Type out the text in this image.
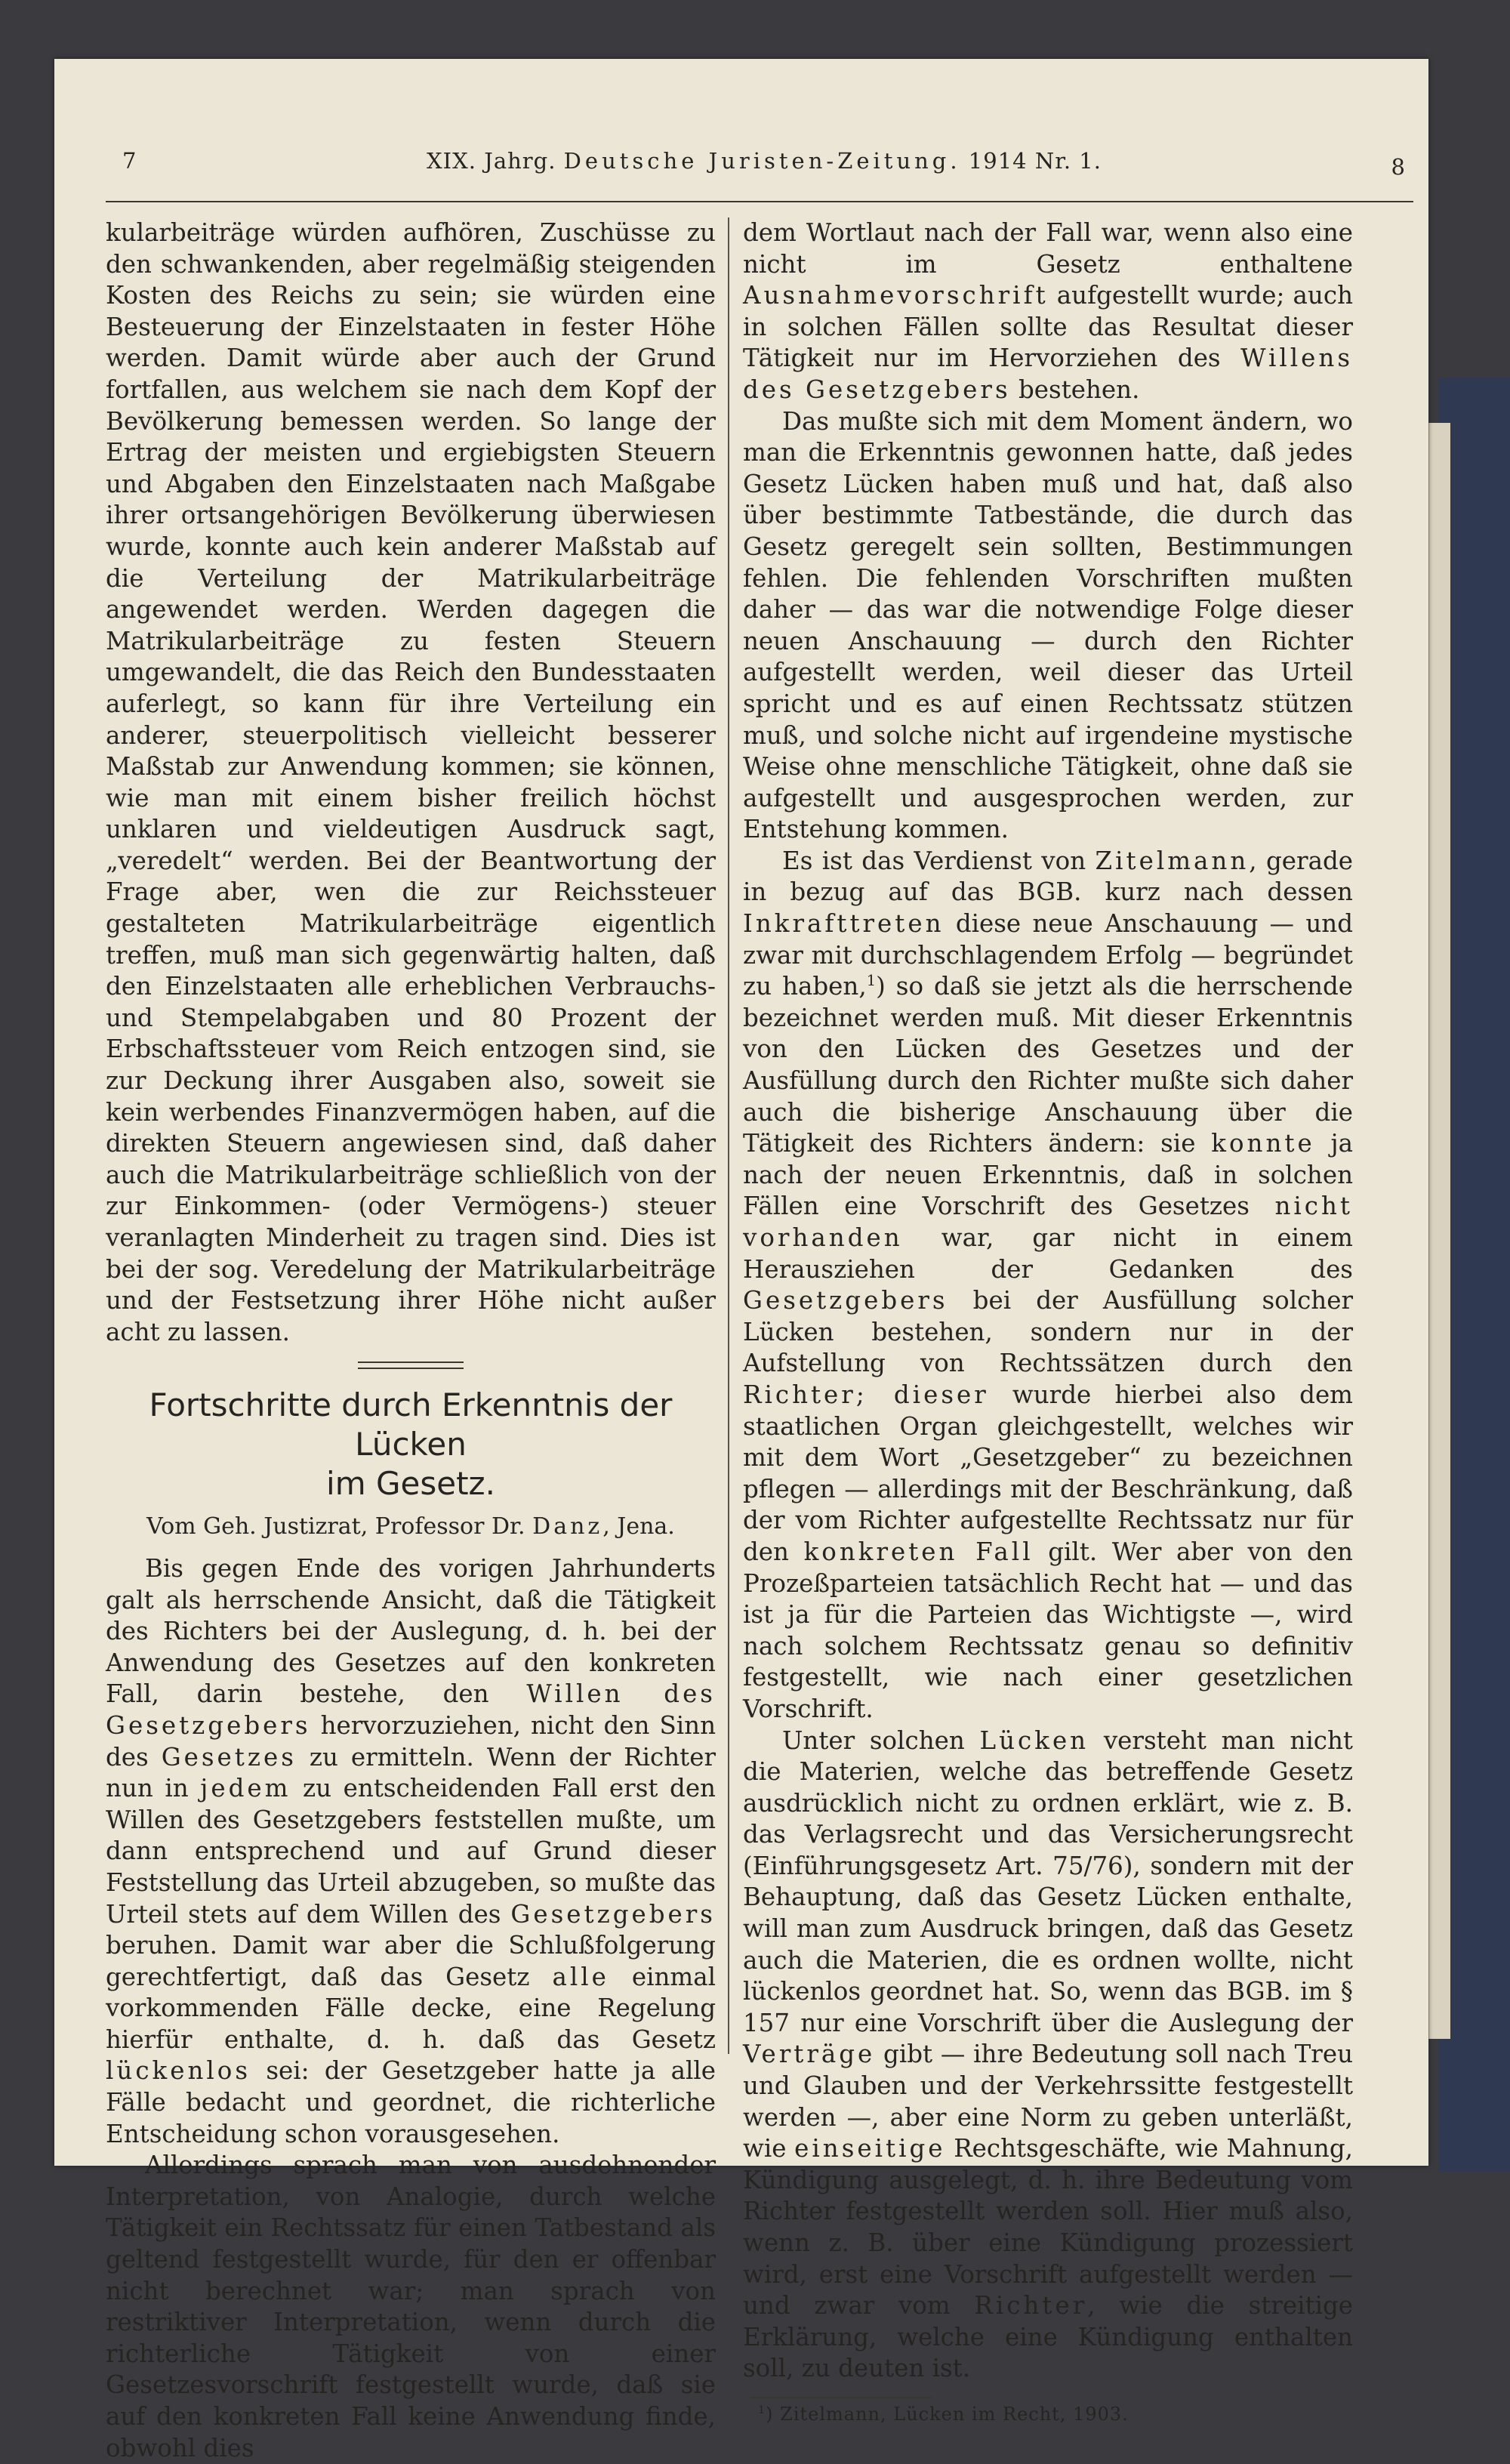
7	XIX. Jahrg. Deutsche Juristen-Zeitung. 1914 Nr. 1.	8

kularbeiträge würden aufhören, Zuschüsse zu den schwankenden, aber regelmäßig steigenden Kosten des Reichs zu sein; sie würden eine Besteuerung der Einzelstaaten in fester Höhe werden. Damit würde aber auch der Grund fortfallen, aus welchem sie nach dem Kopf der Bevölkerung bemessen werden. So lange der Ertrag der meisten und ergiebigsten Steuern und Abgaben den Einzelstaaten nach Maßgabe ihrer ortsangehörigen Bevölkerung überwiesen wurde, konnte auch kein anderer Maßstab auf die Verteilung der Matrikularbeiträge angewendet werden. Werden dagegen die Matrikularbeiträge zu festen Steuern umgewandelt, die das Reich den Bundesstaaten auferlegt, so kann für ihre Verteilung ein anderer, steuerpolitisch vielleicht besserer Maßstab zur Anwendung kommen; sie können, wie man mit einem bisher freilich höchst unklaren und vieldeutigen Ausdruck sagt, „veredelt“ werden. Bei der Beantwortung der Frage aber, wen die zur Reichssteuer gestalteten Matrikularbeiträge eigentlich treffen, muß man sich gegenwärtig halten, daß den Einzelstaaten alle erheblichen Verbrauchs- und Stempelabgaben und 80 Prozent der Erbschaftssteuer vom Reich entzogen sind, sie zur Deckung ihrer Ausgaben also, soweit sie kein werbendes Finanzvermögen haben, auf die direkten Steuern angewiesen sind, daß daher auch die Matrikularbeiträge schließlich von der zur Einkommen- (oder Vermögens-) steuer veranlagten Minderheit zu tragen sind. Dies ist bei der sog. Veredelung der Matrikularbeiträge und der Festsetzung ihrer Höhe nicht außer acht zu lassen.

Fortschritte durch Erkenntnis der Lücken
im Gesetz.
Vom Geh. Justizrat, Professor Dr. Danz, Jena.

Bis gegen Ende des vorigen Jahrhunderts galt als herrschende Ansicht, daß die Tätigkeit des Richters bei der Auslegung, d. h. bei der Anwendung des Gesetzes auf den konkreten Fall, darin bestehe, den Willen des Gesetzgebers hervorzuziehen, nicht den Sinn des Gesetzes zu ermitteln. Wenn der Richter nun in jedem zu entscheidenden Fall erst den Willen des Gesetzgebers feststellen mußte, um dann entsprechend und auf Grund dieser Feststellung das Urteil abzugeben, so mußte das Urteil stets auf dem Willen des Gesetzgebers beruhen. Damit war aber die Schlußfolgerung gerechtfertigt, daß das Gesetz alle einmal vorkommenden Fälle decke, eine Regelung hierfür enthalte, d. h. daß das Gesetz lückenlos sei: der Gesetzgeber hatte ja alle Fälle bedacht und geordnet, die richterliche Entscheidung schon vorausgesehen.

Allerdings sprach man von ausdehnender Interpretation, von Analogie, durch welche Tätigkeit ein Rechtssatz für einen Tatbestand als geltend festgestellt wurde, für den er offenbar nicht berechnet war; man sprach von restriktiver Interpretation, wenn durch die richterliche Tätigkeit von einer Gesetzesvorschrift festgestellt wurde, daß sie auf den konkreten Fall keine Anwendung finde, obwohl dies

dem Wortlaut nach der Fall war, wenn also eine nicht im Gesetz enthaltene Ausnahmevorschrift aufgestellt wurde; auch in solchen Fällen sollte das Resultat dieser Tätigkeit nur im Hervorziehen des Willens des Gesetzgebers bestehen.

Das mußte sich mit dem Moment ändern, wo man die Erkenntnis gewonnen hatte, daß jedes Gesetz Lücken haben muß und hat, daß also über bestimmte Tatbestände, die durch das Gesetz geregelt sein sollten, Bestimmungen fehlen. Die fehlenden Vorschriften mußten daher — das war die notwendige Folge dieser neuen Anschauung — durch den Richter aufgestellt werden, weil dieser das Urteil spricht und es auf einen Rechtssatz stützen muß, und solche nicht auf irgendeine mystische Weise ohne menschliche Tätigkeit, ohne daß sie aufgestellt und ausgesprochen werden, zur Entstehung kommen.

Es ist das Verdienst von Zitelmann, gerade in bezug auf das BGB. kurz nach dessen Inkrafttreten diese neue Anschauung — und zwar mit durchschlagendem Erfolg — begründet zu haben,$^1$) so daß sie jetzt als die herrschende bezeichnet werden muß. Mit dieser Erkenntnis von den Lücken des Gesetzes und der Ausfüllung durch den Richter mußte sich daher auch die bisherige Anschauung über die Tätigkeit des Richters ändern: sie konnte ja nach der neuen Erkenntnis, daß in solchen Fällen eine Vorschrift des Gesetzes nicht vorhanden war, gar nicht in einem Herausziehen der Gedanken des Gesetzgebers bei der Ausfüllung solcher Lücken bestehen, sondern nur in der Aufstellung von Rechtssätzen durch den Richter; dieser wurde hierbei also dem staatlichen Organ gleichgestellt, welches wir mit dem Wort „Gesetzgeber“ zu bezeichnen pflegen — allerdings mit der Beschränkung, daß der vom Richter aufgestellte Rechtssatz nur für den konkreten Fall gilt. Wer aber von den Prozeßparteien tatsächlich Recht hat — und das ist ja für die Parteien das Wichtigste —, wird nach solchem Rechtssatz genau so definitiv festgestellt, wie nach einer gesetzlichen Vorschrift.

Unter solchen Lücken versteht man nicht die Materien, welche das betreffende Gesetz ausdrücklich nicht zu ordnen erklärt, wie z. B. das Verlagsrecht und das Versicherungsrecht (Einführungsgesetz Art. 75/76), sondern mit der Behauptung, daß das Gesetz Lücken enthalte, will man zum Ausdruck bringen, daß das Gesetz auch die Materien, die es ordnen wollte, nicht lückenlos geordnet hat. So, wenn das BGB. im § 157 nur eine Vorschrift über die Auslegung der Verträge gibt — ihre Bedeutung soll nach Treu und Glauben und der Verkehrssitte festgestellt werden —, aber eine Norm zu geben unterläßt, wie einseitige Rechtsgeschäfte, wie Mahnung, Kündigung ausgelegt, d. h. ihre Bedeutung vom Richter festgestellt werden soll. Hier muß also, wenn z. B. über eine Kündigung prozessiert wird, erst eine Vorschrift aufgestellt werden — und zwar vom Richter, wie die streitige Erklärung, welche eine Kündigung enthalten soll, zu deuten ist.

$^1$) Zitelmann, Lücken im Recht, 1903.
